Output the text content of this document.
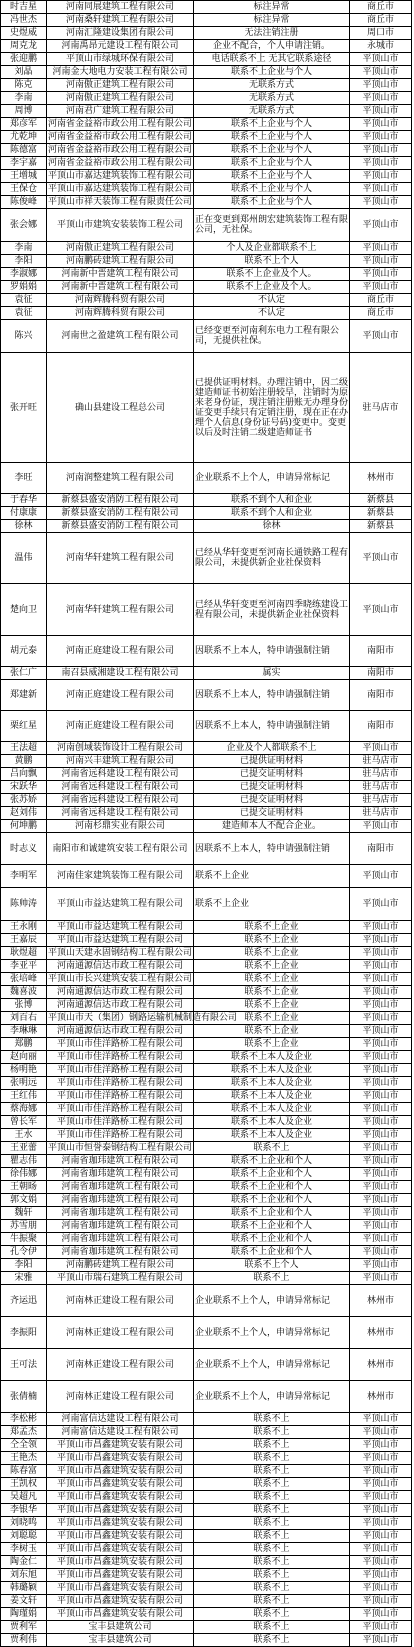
时吉星	河南同展建筑工程有限公司	标注异常	商丘市
冯世杰	河南桑轩建筑工程有限公司	标注异常	商丘市
史煜威	河南汇隆建设集团有限公司	无法注销注册	周口市
周克龙	河南禹昂元建设工程有限公司	企业不配合，个人申请注销。	永城市
张迎鹏	平顶山市绿城环保有限公司	电话联系不上 无其它联系途径	平顶山市
刘晶	河南金大地电力安装工程有限公司	联系不上企业与个人	平顶山市
陈克	河南傲正建筑工程有限公司	无联系方式	平顶山市
李南	河南傲正建筑工程有限公司	无联系方式	平顶山市
周博	河南君广建筑工程有限公司	无联系方式	平顶山市
郑彦军	河南省金益裕市政公用工程有限公司	联系不上企业与个人	平顶山市
尤乾坤	河南省金益裕市政公用工程有限公司	联系不上企业与个人	平顶山市
陈德富	河南省金益裕市政公用工程有限公司	联系不上企业与个人	平顶山市
李宇嘉	河南省金益裕市政公用工程有限公司	联系不上企业与个人	平顶山市
王增城	平顶山市嘉达建筑装饰工程有限公司	联系不上企业与个人	平顶山市
王保仓	平顶山市嘉达建筑装饰工程有限公司	联系不上企业与个人	平顶山市
陈俊峰	平顶山市祥天装饰工程有限责任公司	联系不上企业与个人	平顶山市
张会娜	平顶山市建筑安装装饰工程公司	正在变更到郑州朗宏建筑装饰工程有限公司，无社保。	平顶山市
李南	河南傲正建筑工程有限公司	个人及企业都联系不上	平顶山市
李阳	河南鹏砖建筑工程有限公司	联系不上个人	平顶山市
李淑娜	河南新中晋建筑工程有限公司	联系不上企业及个人。	平顶山市
罗娟娟	河南新中晋建筑工程有限公司	联系不上企业及个人。	平顶山市
袁征	河南辉腾科贸有限公司	不认定	商丘市
袁征	河南辉腾科贸有限公司	不认定	商丘市
陈兴	河南世之盈建筑工程有限公司	已经变更至河南利东电力工程有限公司，无提供社保。	平顶山市
张开旺	确山县建设工程总公司	已提供证明材料。办理注销中，因二级建造师证书初始注册较早，注销时为原来老身份证，现注销注册账无办理身份证变更手续只有定销注册，现在正在办理个人信息(身份证号码)变更中。变更以后及时注销二级建造师证书	驻马店市
李旺	河南润整建筑工程有限公司	企业联系不上个人，申请异常标记	林州市
于春华	新蔡县盛安消防工程有限公司	联系不到个人和企业	新蔡县
付康康	新蔡县盛安消防工程有限公司	联系不到个人和企业	新蔡县
徐林	新蔡县盛安消防工程有限公司	徐林	新蔡县
温伟	河南华轩建筑工程有限公司	已经从华轩变更至河南长通铁路工程有限公司，未提供新企业社保资料	平顶山市
楚向卫	河南华轩建筑工程有限公司	已经从华轩变更至河南四季晓练建设工程有限公司，未提供新企业社保资料	平顶山市
胡元泰	河南正庭建设工程有限公司	因联系不上本人，特申请强制注销	南阳市
张仁广	南召县威湘建设工程有限公司	属实	南阳市
郑建新	河南正庭建设工程有限公司	因联系不上本人，特申请强制注销	南阳市
栗红星	河南正庭建设工程有限公司	因联系不上本人，特申请强制注销	南阳市
王法超	河南创域装饰设计工程有限公司	企业及个人都联系不上	平顶山市
黄鹏	河南兴丰建筑工程有限公司	已提供证明材料	驻马店市
吕向飘	河南省远科建设工程有限公司	已提交证明材料	驻马店市
宋跃华	河南省远科建设工程有限公司	已提交证明材料	驻马店市
张苏娇	河南省远科建设工程有限公司	已提交证明材料	驻马店市
赵刘伟	河南省远科建设工程有限公司	已提交证明材料	驻马店市
何坤鹏	河南杉鼎实业有限公司	建造师本人不配合企业。	平顶山市
时志义	南阳市和诚建筑安装工程有限公司	因联系不上本人，特申请强制注销	南阳市
李明军	河南佳家建筑装饰工程有限公司	联系不上企业	平顶山市
陈帅涛	平顶山市益达建筑工程有限公司	联系不上企业	平顶山市
王永刚	平顶山市益达建筑工程有限公司	联系不上企业	平顶山市
王嘉辰	平顶山市益达建筑工程有限公司	联系不上企业	平顶山市
耿煜超	平顶山天建永固钢结构工程有限公司	联系不上企业	平顶山市
李亚平	河南通源信达市政工程有限公司	联系不上企业	平顶山市
张培峰	平顶山市长兴建筑安装工程有限公司	联系不上企业	平顶山市
魏喜波	河南通源信达市政工程有限公司	联系不上企业	平顶山市
张博	河南通源信达市政工程有限公司	联系不上企业	平顶山市
刘百右	平顶山市天（集团）钢路运输机械制造有限公司	联系不上企业	平顶山市
李琳琳	河南通源信达市政工程有限公司	联系不上企业	平顶山市
郑鹏	平顶山市佳洋路桥工程有限公司	联系不上企业	平顶山市
赵向丽	平顶山市佳洋路桥工程有限公司	联系不上本人及企业	平顶山市
杨明艳	平顶山市佳洋路桥工程有限公司	联系不上本人及企业	平顶山市
张明远	平顶山市佳洋路桥工程有限公司	联系不上本人及企业	平顶山市
王红伟	平顶山市佳洋路桥工程有限公司	联系不上本人及企业	平顶山市
蔡海娜	平顶山市佳洋路桥工程有限公司	联系不上本人及企业	平顶山市
曾长军	平顶山市佳洋路桥工程有限公司	联系不上本人及企业	平顶山市
王水	平顶山市佳洋路桥工程有限公司	联系不上本人及企业	平顶山市
王亚蕾	平顶山市恒誉泰钢结构工程有限公司	联系不上	平顶山市
瞿志伟	河南省珈玮建筑工程有限公司	联系不上企业和个人	平顶山市
徐伟娜	河南省珈玮建筑工程有限公司	联系不上企业和个人	平顶山市
王朝旸	河南省珈玮建筑工程有限公司	联系不上企业和个人	平顶山市
郭文娟	河南省珈玮建筑工程有限公司	联系不上企业和个人	平顶山市
魏轩	河南省珈玮建筑工程有限公司	联系不上企业和个人	平顶山市
苏雪朋	河南省珈玮建筑工程有限公司	联系不上企业和个人	平顶山市
牛振聚	河南省珈玮建筑工程有限公司	联系不上企业和个人	平顶山市
孔令伊	河南省珈玮建筑工程有限公司	联系不上企业和个人	平顶山市
李阳	河南鹏砖建筑工程有限公司	联系不上个人	平顶山市
宋雅	平顶山市瑞石建筑工程有限公司	联系不上	平顶山市
齐运迅	河南林正建设工程有限公司	企业联系不上个人，申请异常标记	林州市
李振阳	河南林正建设工程有限公司	企业联系不上个人，申请异常标记	林州市
王可法	河南林正建设工程有限公司	企业联系不上个人，申请异常标记	林州市
张倩楠	河南林正建设工程有限公司	企业联系不上个人，申请异常标记	林州市
李松彬	河南富信达建设工程有限公司	联系不上	平顶山市
郑孟杰	河南富信达建设工程有限公司	联系不上	平顶山市
仝全领	平顶山市昌鑫建筑安装有限公司	联系不上	平顶山市
王艳杰	平顶山市昌鑫建筑安装有限公司	联系不上	平顶山市
陈春富	平顶山市昌鑫建筑安装有限公司	联系不上	平顶山市
王凯权	平顶山市昌鑫建筑安装有限公司	联系不上	平顶山市
吴超凡	平顶山市昌鑫建筑安装有限公司	联系不上	平顶山市
李银华	平顶山市昌鑫建筑安装有限公司	联系不上	平顶山市
刘晓鸣	平顶山市昌鑫建筑安装有限公司	联系不上	平顶山市
刘聪聪	平顶山市昌鑫建筑安装有限公司	联系不上	平顶山市
李树玉	平顶山市昌鑫建筑安装有限公司	联系不上	平顶山市
陶金仁	平顶山市昌鑫建筑安装有限公司	联系不上	平顶山市
刘东旭	平顶山市昌鑫建筑安装有限公司	联系不上	平顶山市
韩璐颖	平顶山市昌鑫建筑安装有限公司	联系不上	平顶山市
姜文轩	平顶山市昌鑫建筑安装有限公司	联系不上	平顶山市
陶瑾娟	平顶山市昌鑫建筑安装有限公司	联系不上	平顶山市
贾利军	宝丰县建筑公司	联系不上	平顶山市
贾利伟	宝丰县建筑公司	联系不上	平顶山市
